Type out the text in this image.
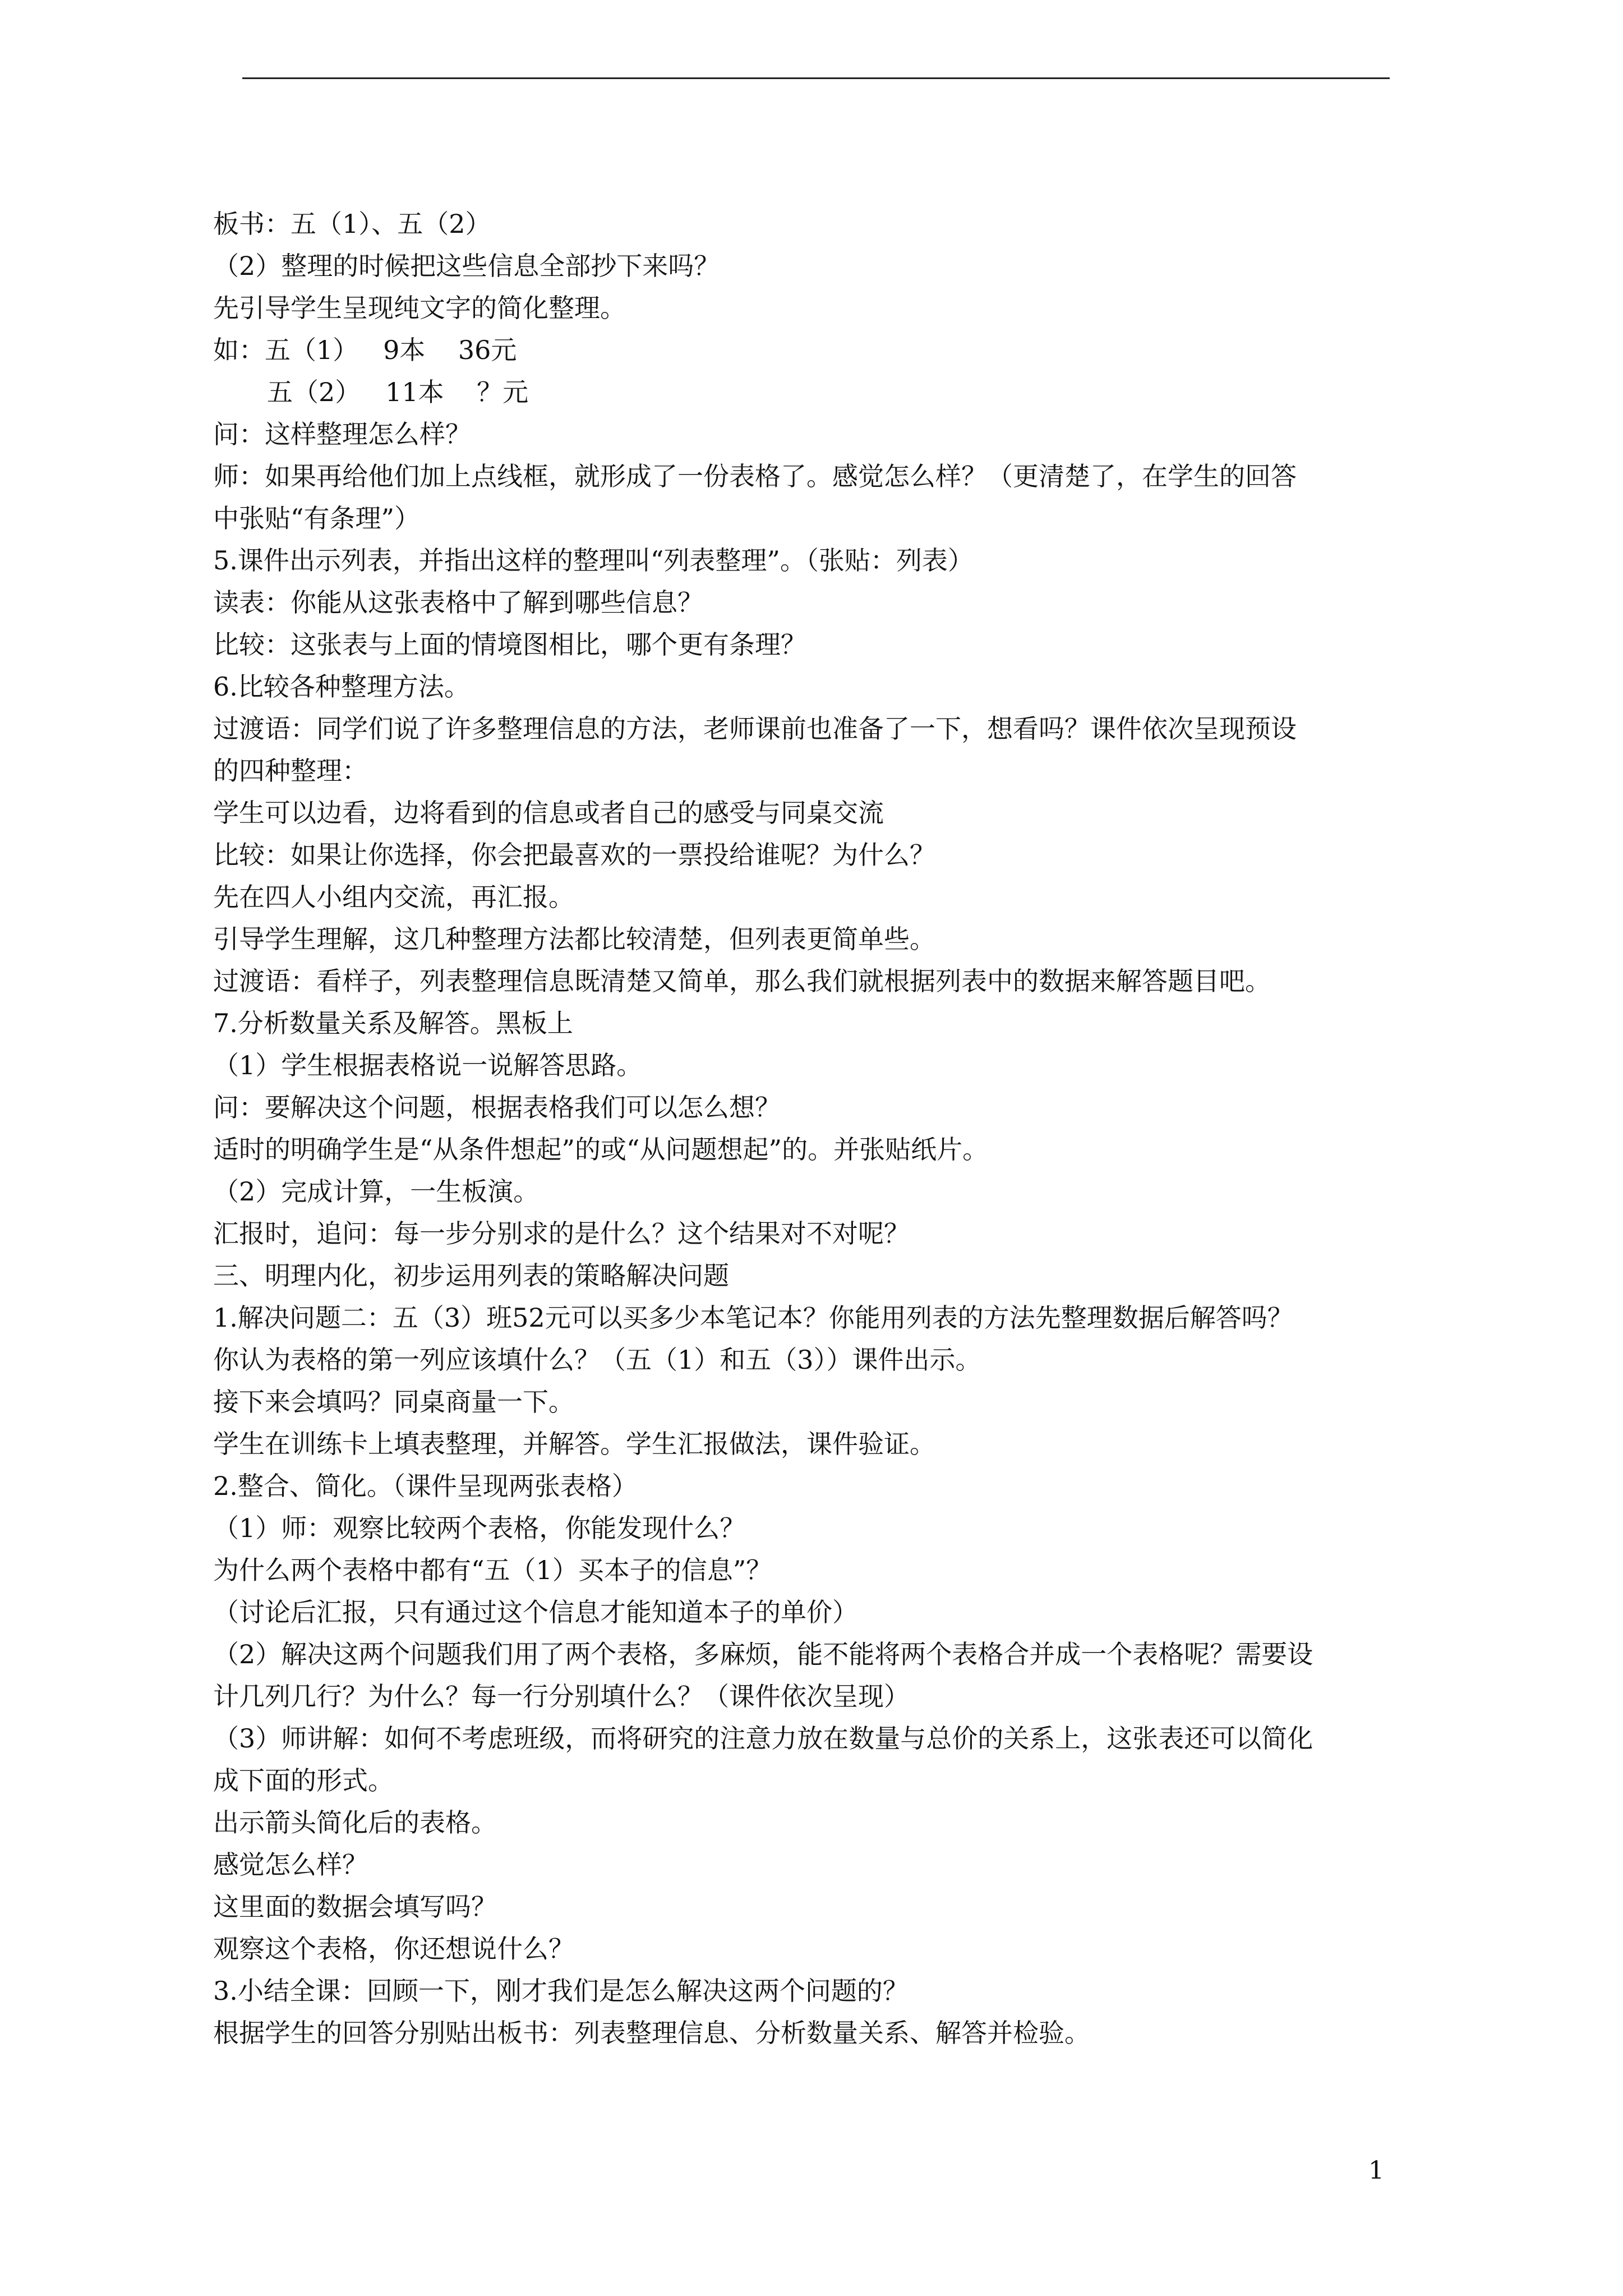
板书：五（1）、五（2）
（2）整理的时候把这些信息全部抄下来吗？
先引导学生呈现纯文字的简化整理。
如：五（1）   9本    36元
五（2）   11本    ？元
问：这样整理怎么样？
师：如果再给他们加上点线框，就形成了一份表格了。感觉怎么样？（更清楚了，在学生的回答
中张贴“有条理”）
5.课件出示列表，并指出这样的整理叫“列表整理”。（张贴：列表）
读表：你能从这张表格中了解到哪些信息？
比较：这张表与上面的情境图相比，哪个更有条理？
6.比较各种整理方法。
过渡语：同学们说了许多整理信息的方法，老师课前也准备了一下，想看吗？课件依次呈现预设
的四种整理：
学生可以边看，边将看到的信息或者自己的感受与同桌交流
比较：如果让你选择，你会把最喜欢的一票投给谁呢？为什么？
先在四人小组内交流，再汇报。
引导学生理解，这几种整理方法都比较清楚，但列表更简单些。
过渡语：看样子，列表整理信息既清楚又简单，那么我们就根据列表中的数据来解答题目吧。
7.分析数量关系及解答。黑板上
（1）学生根据表格说一说解答思路。
问：要解决这个问题，根据表格我们可以怎么想？
适时的明确学生是“从条件想起”的或“从问题想起”的。并张贴纸片。
（2）完成计算，一生板演。
汇报时，追问：每一步分别求的是什么？这个结果对不对呢？
三、明理内化，初步运用列表的策略解决问题
1.解决问题二：五（3）班52元可以买多少本笔记本？你能用列表的方法先整理数据后解答吗？
你认为表格的第一列应该填什么？（五（1）和五（3））课件出示。
接下来会填吗？同桌商量一下。
学生在训练卡上填表整理，并解答。学生汇报做法，课件验证。
2.整合、简化。（课件呈现两张表格）
（1）师：观察比较两个表格，你能发现什么？
为什么两个表格中都有“五（1）买本子的信息”？
（讨论后汇报，只有通过这个信息才能知道本子的单价）
（2）解决这两个问题我们用了两个表格，多麻烦，能不能将两个表格合并成一个表格呢？需要设
计几列几行？为什么？每一行分别填什么？（课件依次呈现）
（3）师讲解：如何不考虑班级，而将研究的注意力放在数量与总价的关系上，这张表还可以简化
成下面的形式。
出示箭头简化后的表格。
感觉怎么样？
这里面的数据会填写吗？
观察这个表格，你还想说什么？
3.小结全课：回顾一下，刚才我们是怎么解决这两个问题的？
根据学生的回答分别贴出板书：列表整理信息、分析数量关系、解答并检验。
1
